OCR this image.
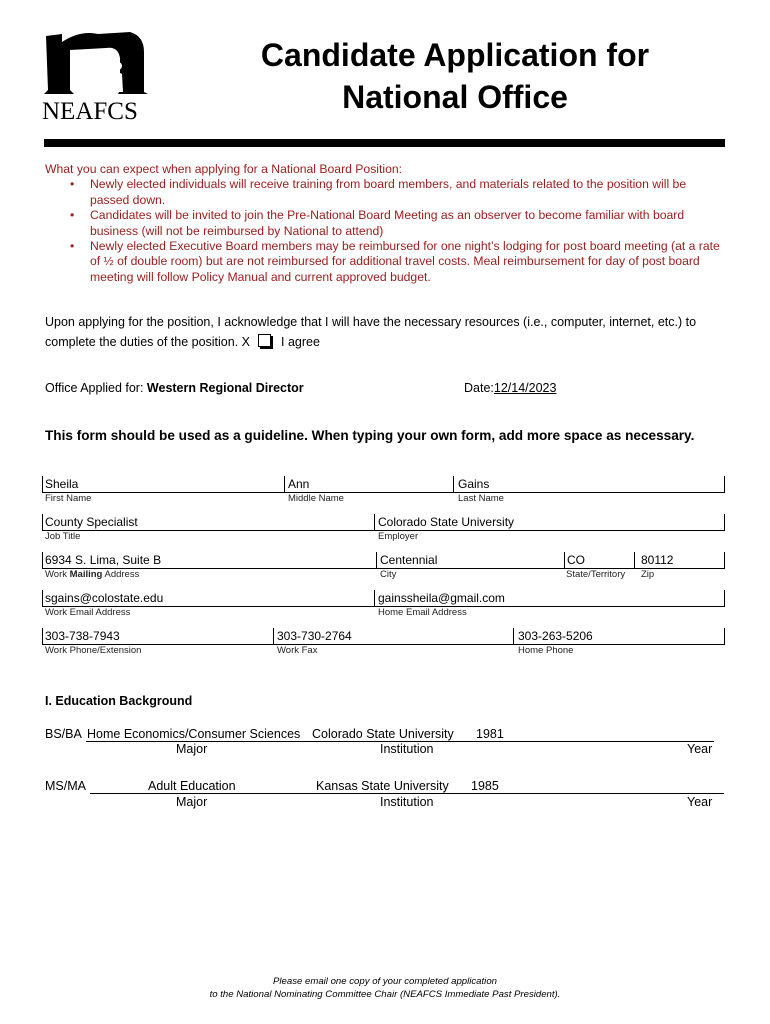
NEAFCS
Candidate Application for
National Office
What you can expect when applying for a National Board Position:
• Newly elected individuals will receive training from board members, and materials related to the position will be passed down.
• Candidates will be invited to join the Pre-National Board Meeting as an observer to become familiar with board business (will not be reimbursed by National to attend)
• Newly elected Executive Board members may be reimbursed for one night’s lodging for post board meeting (at a rate of ½ of double room) but are not reimbursed for additional travel costs. Meal reimbursement for day of post board meeting will follow Policy Manual and current approved budget.
Upon applying for the position, I acknowledge that I will have the necessary resources (i.e., computer, internet, etc.) to
complete the duties of the position. X I agree
Office Applied for: Western Regional Director	Date:12/14/2023
This form should be used as a guideline. When typing your own form, add more space as necessary.
Sheila	Ann	Gains
First Name	Middle Name	Last Name
County Specialist	Colorado State University
Job Title	Employer
6934 S. Lima, Suite B	Centennial	CO	80112
Work Mailing Address	City	State/Territory Zip
sgains@colostate.edu	gainssheila@gmail.com
Work Email Address	Home Email Address
303-738-7943	303-730-2764	303-263-5206
Work Phone/Extension	Work Fax	Home Phone
I. Education Background
BS/BA Home Economics/Consumer Sciences Colorado State University 1981
Major	Institution	Year
MS/MA	Adult Education	Kansas State University 1985
Major	Institution	Year
Please email one copy of your completed application
to the National Nominating Committee Chair (NEAFCS Immediate Past President).
